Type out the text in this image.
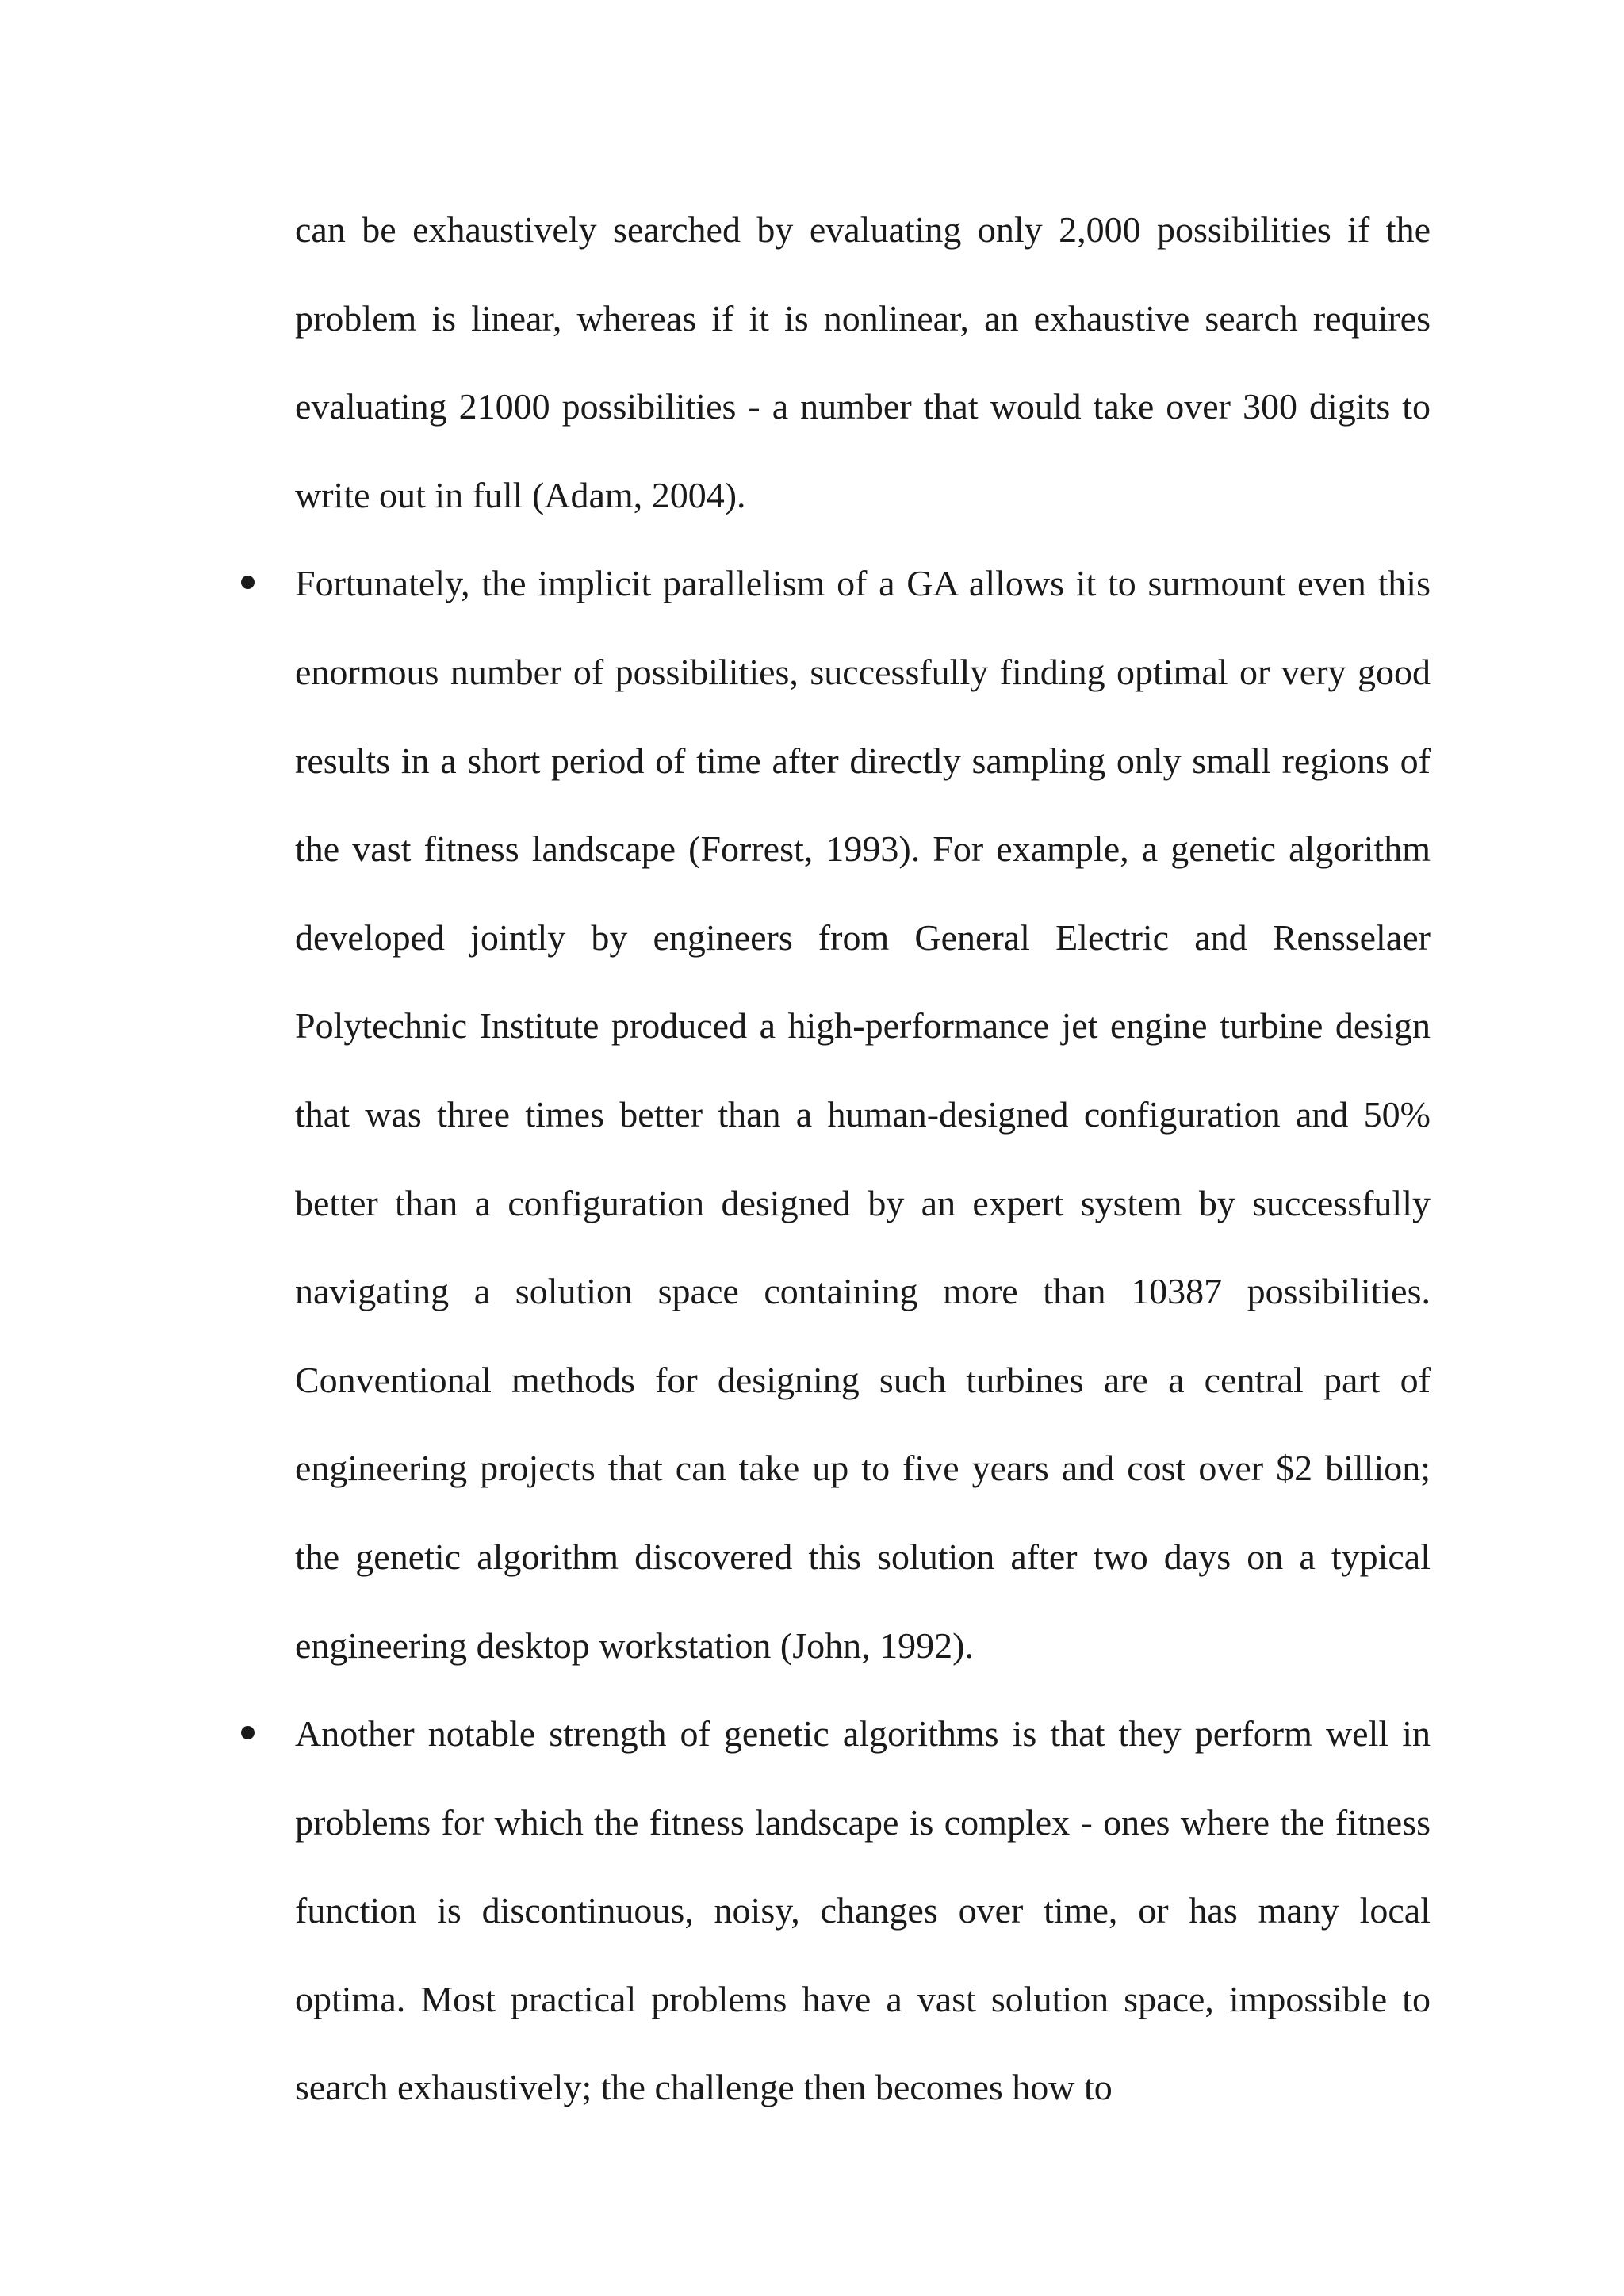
can be exhaustively searched by evaluating only 2,000 possibilities if the problem is linear, whereas if it is nonlinear, an exhaustive search requires evaluating 21000 possibilities - a number that would take over 300 digits to write out in full (Adam, 2004).

Fortunately, the implicit parallelism of a GA allows it to surmount even this enormous number of possibilities, successfully finding optimal or very good results in a short period of time after directly sampling only small regions of the vast fitness landscape (Forrest, 1993). For example, a genetic algorithm developed jointly by engineers from General Electric and Rensselaer Polytechnic Institute produced a high-performance jet engine turbine design that was three times better than a human-designed configuration and 50% better than a configuration designed by an expert system by successfully navigating a solution space containing more than 10387 possibilities. Conventional methods for designing such turbines are a central part of engineering projects that can take up to five years and cost over $2 billion; the genetic algorithm discovered this solution after two days on a typical engineering desktop workstation (John, 1992).
Another notable strength of genetic algorithms is that they perform well in problems for which the fitness landscape is complex - ones where the fitness function is discontinuous, noisy, changes over time, or has many local optima. Most practical problems have a vast solution space, impossible to search exhaustively; the challenge then becomes how to
